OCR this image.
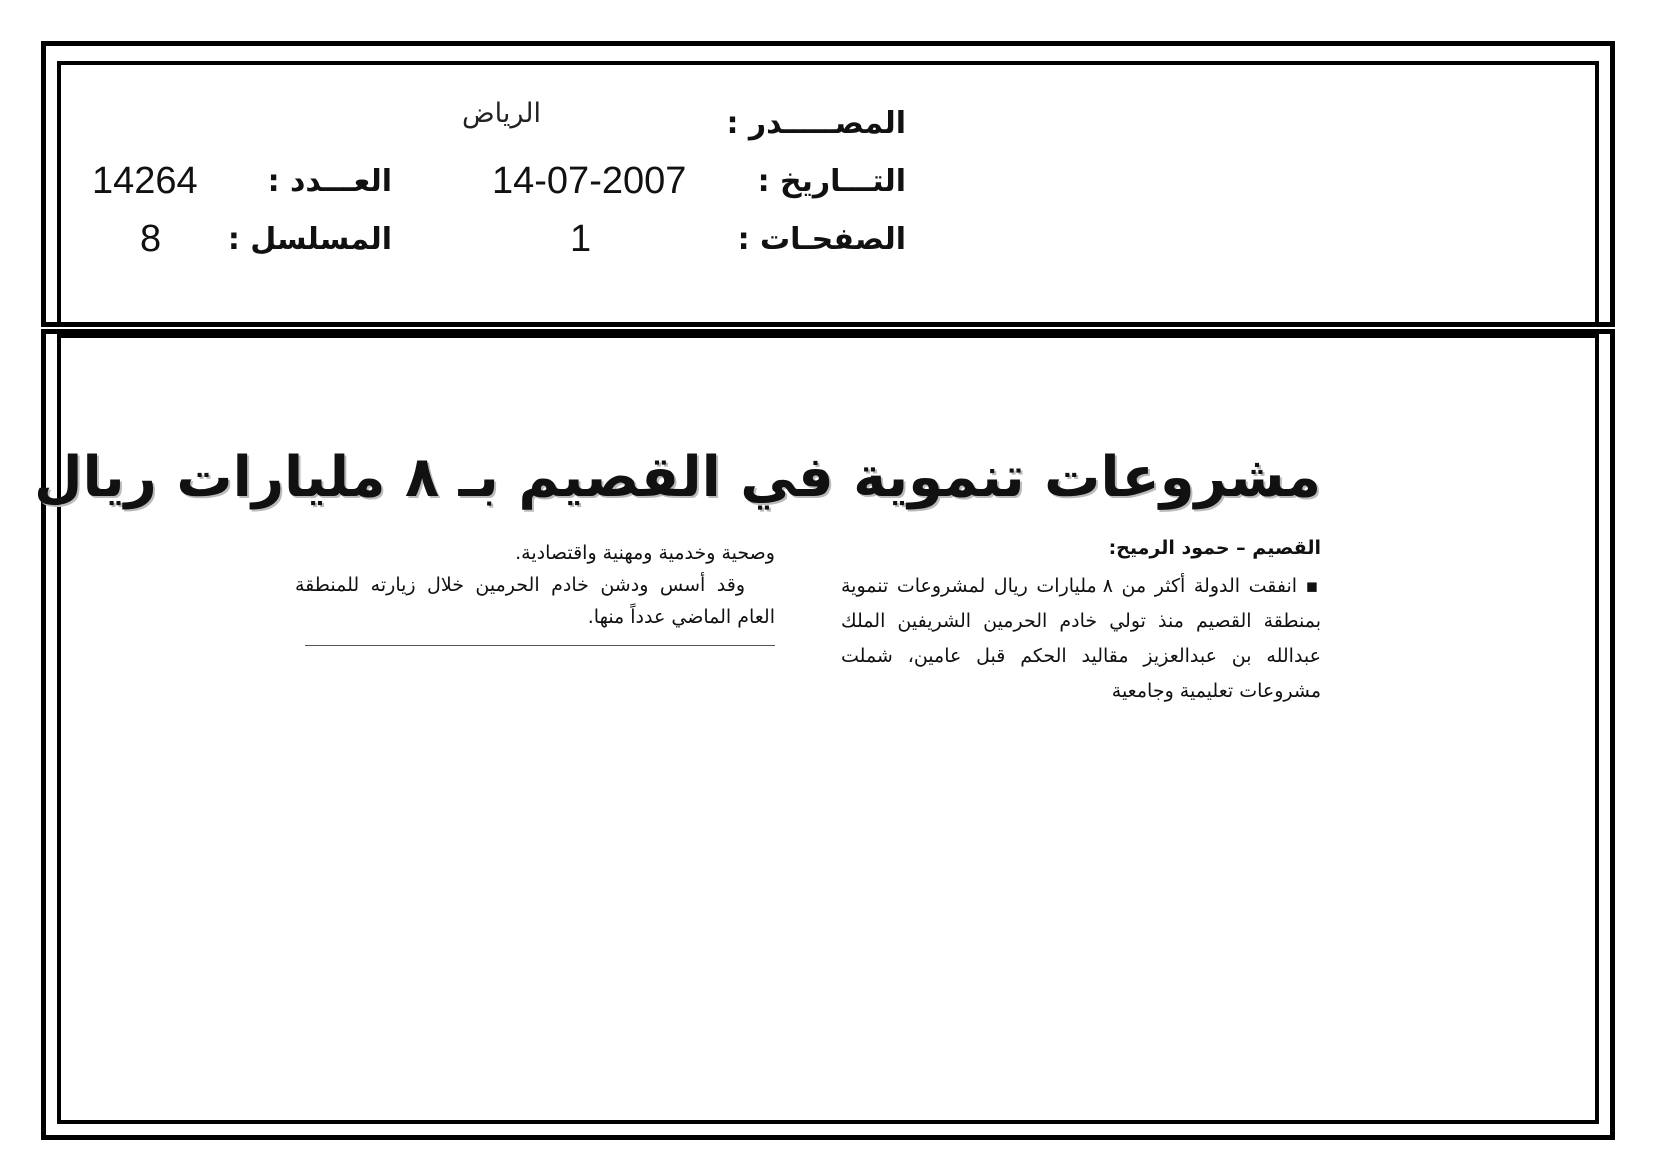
المصـــــدر :
الرياض
التـــاريخ :
14-07-2007
العـــدد :
14264
الصفحـات :
1
المسلسل :
8
مشروعات تنموية في القصيم بـ ٨ مليارات ريال
القصيم – حمود الرميح:

▪ انفقت الدولة أكثر من ٨ مليارات ريال لمشروعات تنموية بمنطقة القصيم منذ تولي خادم الحرمين الشريفين الملك عبدالله بن عبدالعزيز مقاليد الحكم قبل عامين، شملت مشروعات تعليمية وجامعية

وصحية وخدمية ومهنية واقتصادية.

وقد أسس ودشن خادم الحرمين خلال زيارته للمنطقة العام الماضي عدداً منها.
